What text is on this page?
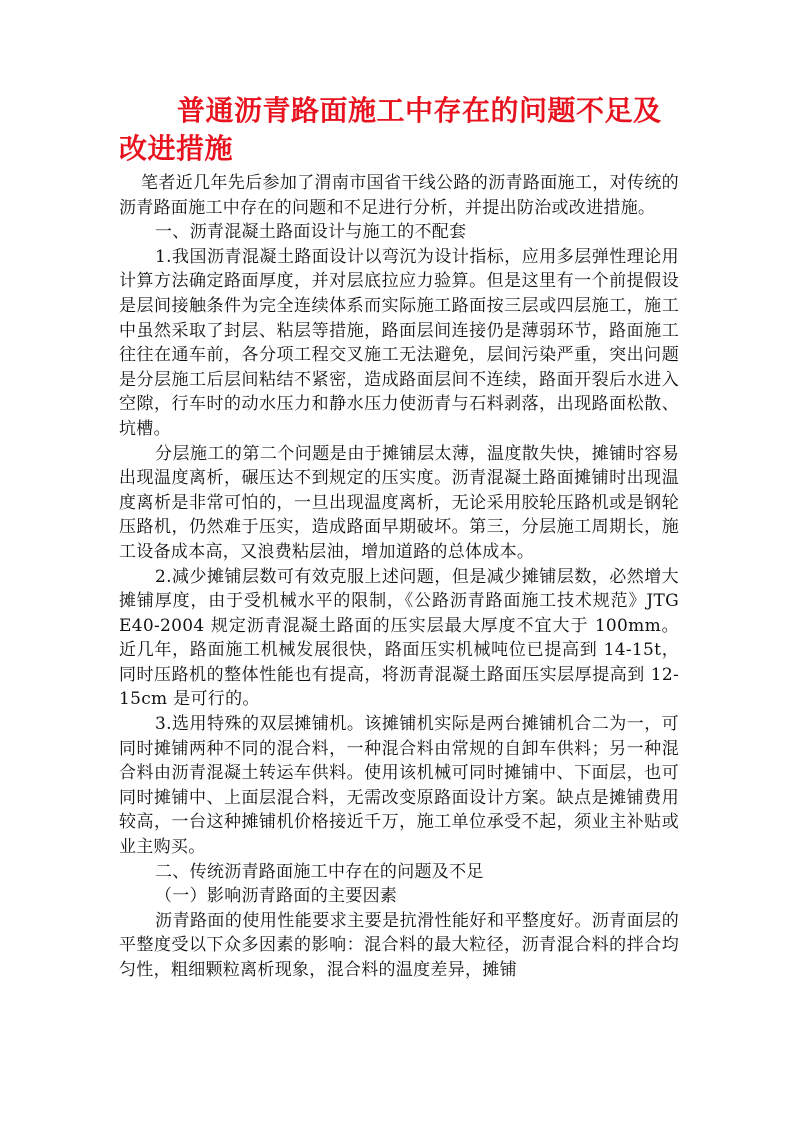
普通沥青路面施工中存在的问题不足及改进措施

笔者近几年先后参加了渭南市国省干线公路的沥青路面施工，对传统的沥青路面施工中存在的问题和不足进行分析，并提出防治或改进措施。

一、沥青混凝土路面设计与施工的不配套

1.我国沥青混凝土路面设计以弯沉为设计指标，应用多层弹性理论用计算方法确定路面厚度，并对层底拉应力验算。但是这里有一个前提假设是层间接触条件为完全连续体系而实际施工路面按三层或四层施工，施工中虽然采取了封层、粘层等措施，路面层间连接仍是薄弱环节，路面施工往往在通车前，各分项工程交叉施工无法避免，层间污染严重，突出问题是分层施工后层间粘结不紧密，造成路面层间不连续，路面开裂后水进入空隙，行车时的动水压力和静水压力使沥青与石料剥落，出现路面松散、坑槽。

分层施工的第二个问题是由于摊铺层太薄，温度散失快，摊铺时容易出现温度离析，碾压达不到规定的压实度。沥青混凝土路面摊铺时出现温度离析是非常可怕的，一旦出现温度离析，无论采用胶轮压路机或是钢轮压路机，仍然难于压实，造成路面早期破坏。第三，分层施工周期长，施工设备成本高，又浪费粘层油，增加道路的总体成本。

2.减少摊铺层数可有效克服上述问题，但是减少摊铺层数，必然增大摊铺厚度，由于受机械水平的限制，《公路沥青路面施工技术规范》JTG E40-2004 规定沥青混凝土路面的压实层最大厚度不宜大于 100mm。近几年，路面施工机械发展很快，路面压实机械吨位已提高到 14-15t，同时压路机的整体性能也有提高，将沥青混凝土路面压实层厚提高到 12-15cm 是可行的。

3.选用特殊的双层摊铺机。该摊铺机实际是两台摊铺机合二为一，可同时摊铺两种不同的混合料，一种混合料由常规的自卸车供料；另一种混合料由沥青混凝土转运车供料。使用该机械可同时摊铺中、下面层，也可同时摊铺中、上面层混合料，无需改变原路面设计方案。缺点是摊铺费用较高，一台这种摊铺机价格接近千万，施工单位承受不起，须业主补贴或业主购买。

二、传统沥青路面施工中存在的问题及不足

（一）影响沥青路面的主要因素

沥青路面的使用性能要求主要是抗滑性能好和平整度好。沥青面层的平整度受以下众多因素的影响：混合料的最大粒径，沥青混合料的拌合均匀性，粗细颗粒离析现象，混合料的温度差异，摊铺
